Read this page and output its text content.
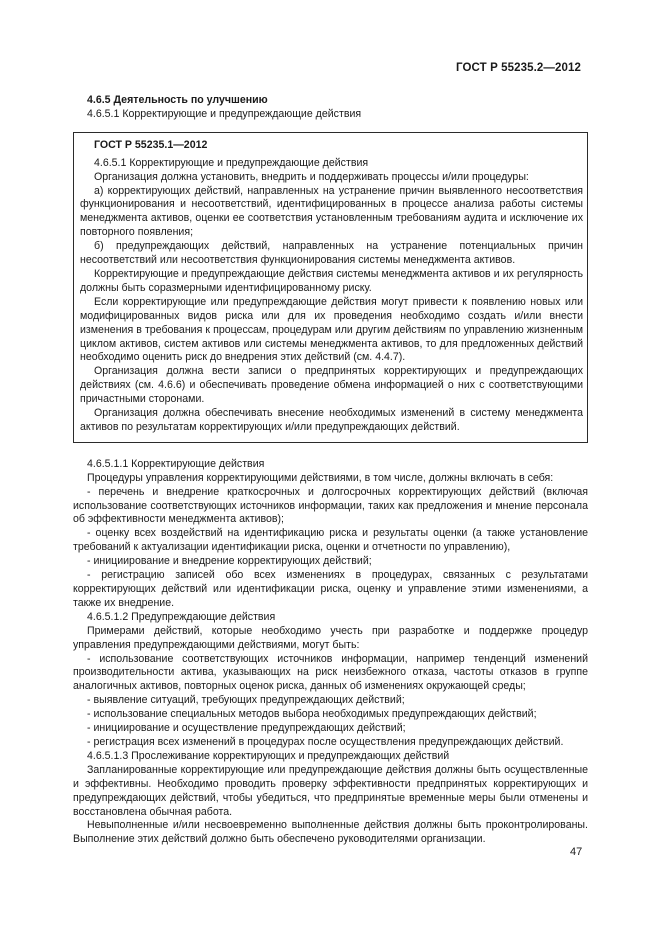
ГОСТ Р 55235.2—2012

4.6.5 Деятельность по улучшению

4.6.5.1 Корректирующие и предупреждающие действия

ГОСТ Р 55235.1—2012

4.6.5.1 Корректирующие и предупреждающие действия

Организация должна установить, внедрить и поддерживать процессы и/или процедуры:

а) корректирующих действий, направленных на устранение причин выявленного несоответствия функционирования и несоответствий, идентифицированных в процессе анализа работы системы менеджмента активов, оценки ее соответствия установленным требованиям аудита и исключение их повторного появления;

б) предупреждающих действий, направленных на устранение потенциальных причин несоответствий или несоответствия функционирования системы менеджмента активов.

Корректирующие и предупреждающие действия системы менеджмента активов и их регулярность должны быть соразмерными идентифицированному риску.

Если корректирующие или предупреждающие действия могут привести к появлению новых или модифицированных видов риска или для их проведения необходимо создать и/или внести изменения в требования к процессам, процедурам или другим действиям по управлению жизненным циклом активов, систем активов или системы менеджмента активов, то для предложенных действий необходимо оценить риск до внедрения этих действий (см. 4.4.7).

Организация должна вести записи о предпринятых корректирующих и предупреждающих действиях (см. 4.6.6) и обеспечивать проведение обмена информацией о них с соответствующими причастными сторонами.

Организация должна обеспечивать внесение необходимых изменений в систему менеджмента активов по результатам корректирующих и/или предупреждающих действий.

4.6.5.1.1 Корректирующие действия

Процедуры управления корректирующими действиями, в том числе, должны включать в себя:

- перечень и внедрение краткосрочных и долгосрочных корректирующих действий (включая использование соответствующих источников информации, таких как предложения и мнение персонала об эффективности менеджмента активов);

- оценку всех воздействий на идентификацию риска и результаты оценки (а также установление требований к актуализации идентификации риска, оценки и отчетности по управлению),

- инициирование и внедрение корректирующих действий;

- регистрацию записей обо всех изменениях в процедурах, связанных с результатами корректирующих действий или идентификации риска, оценку и управление этими изменениями, а также их внедрение.

4.6.5.1.2 Предупреждающие действия

Примерами действий, которые необходимо учесть при разработке и поддержке процедур управления предупреждающими действиями, могут быть:

- использование соответствующих источников информации, например тенденций изменений производительности актива, указывающих на риск неизбежного отказа, частоты отказов в группе аналогичных активов, повторных оценок риска, данных об изменениях окружающей среды;

- выявление ситуаций, требующих предупреждающих действий;

- использование специальных методов выбора необходимых предупреждающих действий;

- инициирование и осуществление предупреждающих действий;

- регистрация всех изменений в процедурах после осуществления предупреждающих действий.

4.6.5.1.3 Прослеживание корректирующих и предупреждающих действий

Запланированные корректирующие или предупреждающие действия должны быть осуществленные и эффективны. Необходимо проводить проверку эффективности предпринятых корректирующих и предупреждающих действий, чтобы убедиться, что предпринятые временные меры были отменены и восстановлена обычная работа.

Невыполненные и/или несвоевременно выполненные действия должны быть проконтролированы. Выполнение этих действий должно быть обеспечено руководителями организации.

47
